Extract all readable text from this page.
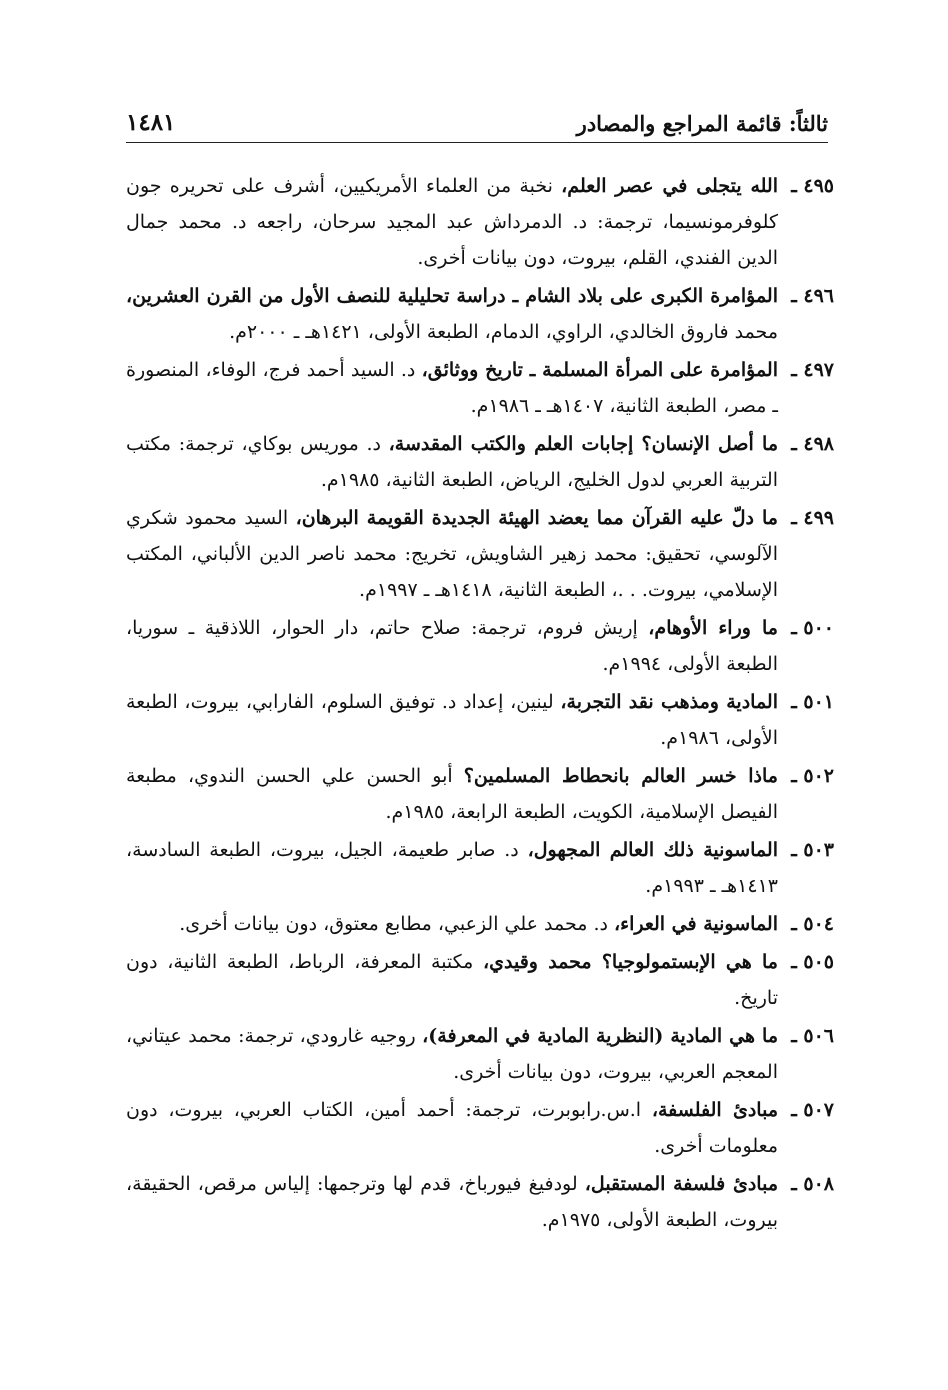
ثالثاً: قائمة المراجع والمصادر
١٤٨١
٤٩٥ ـ
الله يتجلى في عصر العلم، نخبة من العلماء الأمريكيين، أشرف على تحريره جون كلوفرمونسيما، ترجمة: د. الدمرداش عبد المجيد سرحان، راجعه د. محمد جمال الدين الفندي، القلم، بيروت، دون بيانات أخرى.
٤٩٦ ـ
المؤامرة الكبرى على بلاد الشام ـ دراسة تحليلية للنصف الأول من القرن العشرين، محمد فاروق الخالدي، الراوي، الدمام، الطبعة الأولى، ١٤٢١هـ ـ ٢٠٠٠م.
٤٩٧ ـ
المؤامرة على المرأة المسلمة ـ تاريخ ووثائق، د. السيد أحمد فرج، الوفاء، المنصورة ـ مصر، الطبعة الثانية، ١٤٠٧هـ ـ ١٩٨٦م.
٤٩٨ ـ
ما أصل الإنسان؟ إجابات العلم والكتب المقدسة، د. موريس بوكاي، ترجمة: مكتب التربية العربي لدول الخليج، الرياض، الطبعة الثانية، ١٩٨٥م.
٤٩٩ ـ
ما دلّ عليه القرآن مما يعضد الهيئة الجديدة القويمة البرهان، السيد محمود شكري الآلوسي، تحقيق: محمد زهير الشاويش، تخريج: محمد ناصر الدين الألباني، المكتب الإسلامي، بيروت. . .، الطبعة الثانية، ١٤١٨هـ ـ ١٩٩٧م.
٥٠٠ ـ
ما وراء الأوهام، إريش فروم، ترجمة: صلاح حاتم، دار الحوار، اللاذقية ـ سوريا، الطبعة الأولى، ١٩٩٤م.
٥٠١ ـ
المادية ومذهب نقد التجربة، لينين، إعداد د. توفيق السلوم، الفارابي، بيروت، الطبعة الأولى، ١٩٨٦م.
٥٠٢ ـ
ماذا خسر العالم بانحطاط المسلمين؟ أبو الحسن علي الحسن الندوي، مطبعة الفيصل الإسلامية، الكويت، الطبعة الرابعة، ١٩٨٥م.
٥٠٣ ـ
الماسونية ذلك العالم المجهول، د. صابر طعيمة، الجيل، بيروت، الطبعة السادسة، ١٤١٣هـ ـ ١٩٩٣م.
٥٠٤ ـ
الماسونية في العراء، د. محمد علي الزعبي، مطابع معتوق، دون بيانات أخرى.
٥٠٥ ـ
ما هي الإبستمولوجيا؟ محمد وقيدي، مكتبة المعرفة، الرباط، الطبعة الثانية، دون تاريخ.
٥٠٦ ـ
ما هي المادية (النظرية المادية في المعرفة)، روجيه غارودي، ترجمة: محمد عيتاني، المعجم العربي، بيروت، دون بيانات أخرى.
٥٠٧ ـ
مبادئ الفلسفة، ا.س.رابوبرت، ترجمة: أحمد أمين، الكتاب العربي، بيروت، دون معلومات أخرى.
٥٠٨ ـ
مبادئ فلسفة المستقبل، لودفيغ فيورباخ، قدم لها وترجمها: إلياس مرقص، الحقيقة، بيروت، الطبعة الأولى، ١٩٧٥م.
